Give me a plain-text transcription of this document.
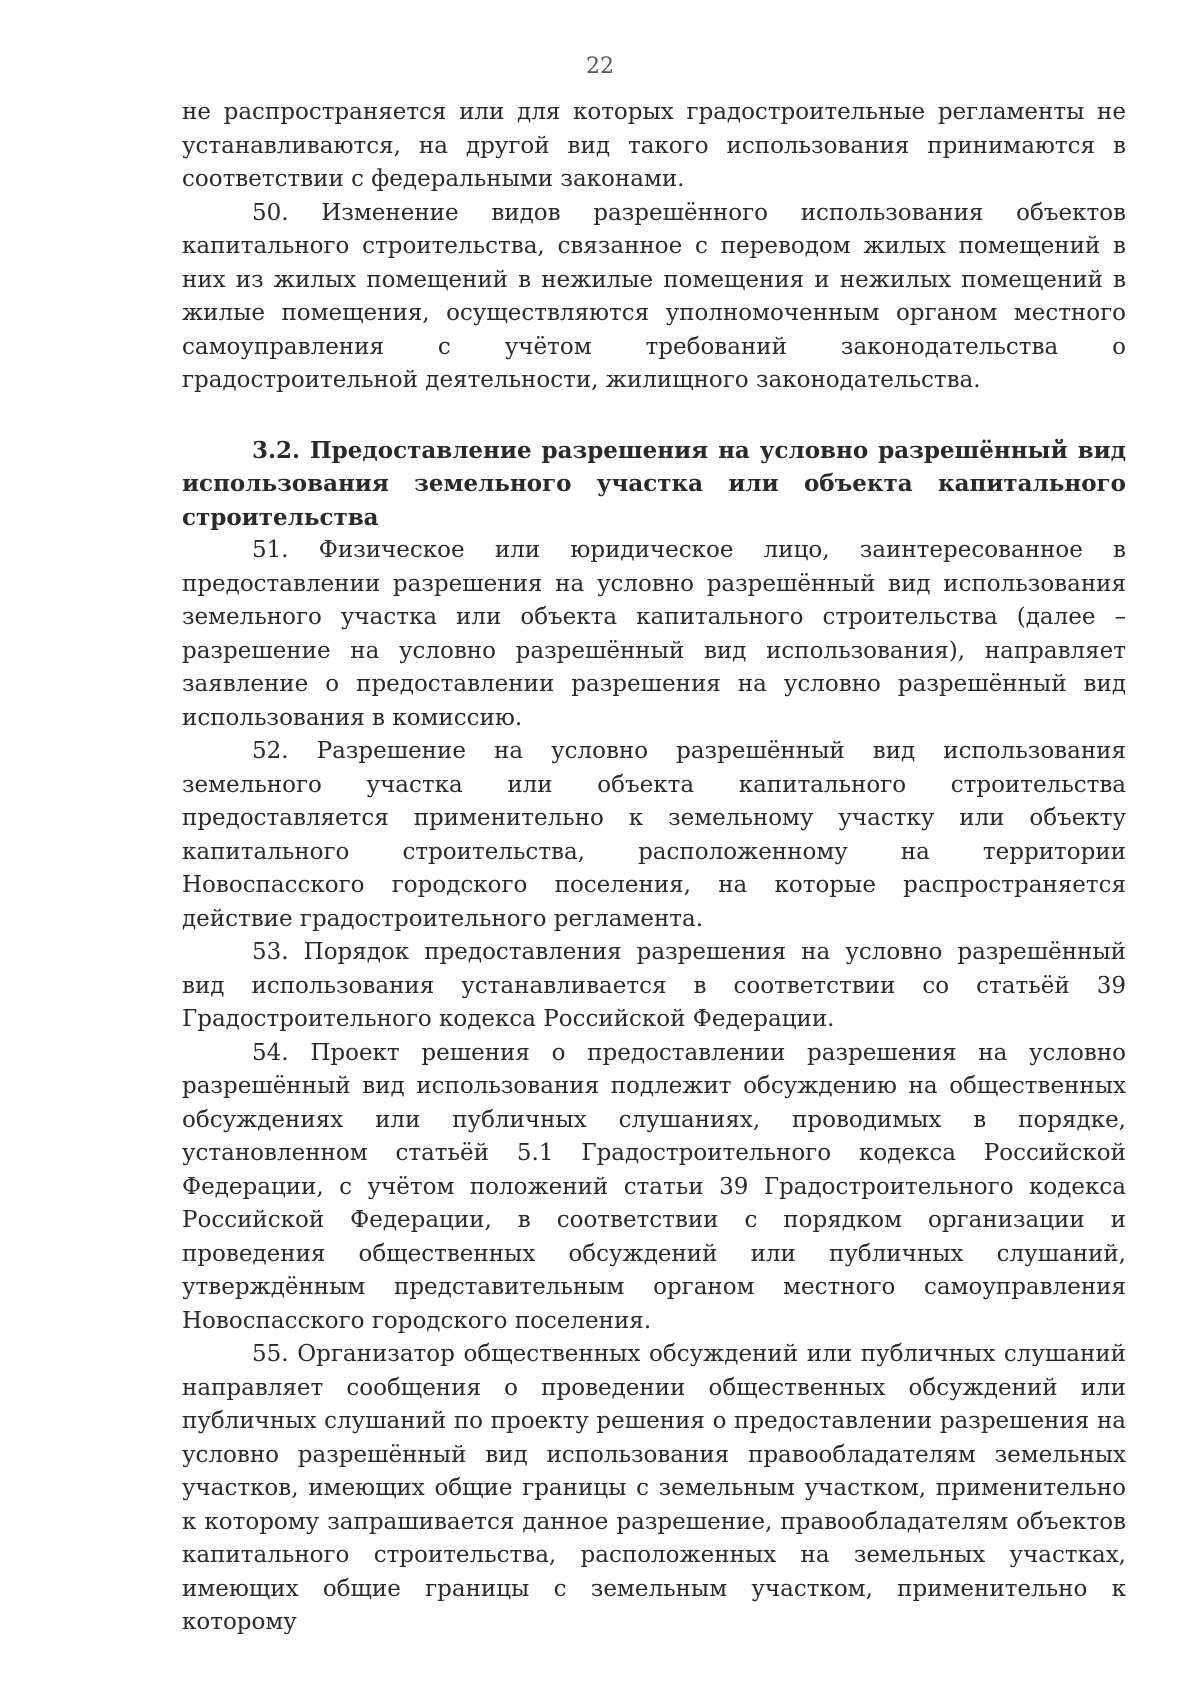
22

не распространяется или для которых градостроительные регламенты не устанавливаются, на другой вид такого использования принимаются в соответствии с федеральными законами.

50. Изменение видов разрешённого использования объектов капитального строительства, связанное с переводом жилых помещений в них из жилых помещений в нежилые помещения и нежилых помещений в жилые помещения, осуществляются уполномоченным органом местного самоуправления с учётом требований законодательства о градостроительной деятельности, жилищного законодательства.

3.2. Предоставление разрешения на условно разрешённый вид использования земельного участка или объекта капитального строительства

51. Физическое или юридическое лицо, заинтересованное в предоставлении разрешения на условно разрешённый вид использования земельного участка или объекта капитального строительства (далее – разрешение на условно разрешённый вид использования), направляет заявление о предоставлении разрешения на условно разрешённый вид использования в комиссию.

52. Разрешение на условно разрешённый вид использования земельного участка или объекта капитального строительства предоставляется применительно к земельному участку или объекту капитального строительства, расположенному на территории Новоспасского городского поселения, на которые распространяется действие градостроительного регламента.

53. Порядок предоставления разрешения на условно разрешённый вид использования устанавливается в соответствии со статьёй 39 Градостроительного кодекса Российской Федерации.

54. Проект решения о предоставлении разрешения на условно разрешённый вид использования подлежит обсуждению на общественных обсуждениях или публичных слушаниях, проводимых в порядке, установленном статьёй 5.1 Градостроительного кодекса Российской Федерации, с учётом положений статьи 39 Градостроительного кодекса Российской Федерации, в соответствии с порядком организации и проведения общественных обсуждений или публичных слушаний, утверждённым представительным органом местного самоуправления Новоспасского городского поселения.

55. Организатор общественных обсуждений или публичных слушаний направляет сообщения о проведении общественных обсуждений или публичных слушаний по проекту решения о предоставлении разрешения на условно разрешённый вид использования правообладателям земельных участков, имеющих общие границы с земельным участком, применительно к которому запрашивается данное разрешение, правообладателям объектов капитального строительства, расположенных на земельных участках, имеющих общие границы с земельным участком, применительно к которому
